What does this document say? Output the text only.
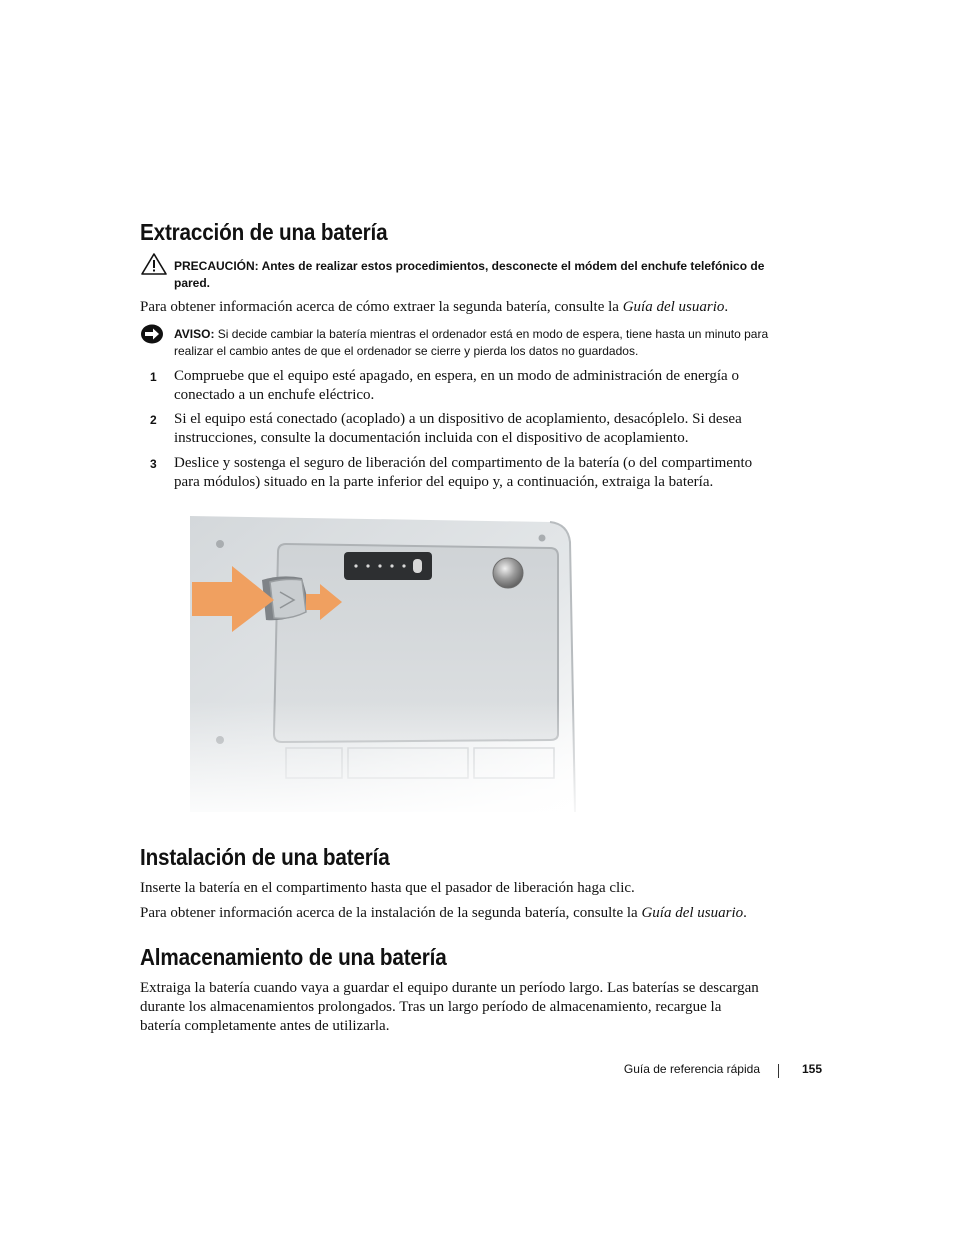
Extracción de una batería

PRECAUCIÓN: Antes de realizar estos procedimientos, desconecte el módem del enchufe telefónico de pared.

Para obtener información acerca de cómo extraer la segunda batería, consulte la Guía del usuario.

AVISO: Si decide cambiar la batería mientras el ordenador está en modo de espera, tiene hasta un minuto para realizar el cambio antes de que el ordenador se cierre y pierda los datos no guardados.

1 Compruebe que el equipo esté apagado, en espera, en un modo de administración de energía o conectado a un enchufe eléctrico.

2 Si el equipo está conectado (acoplado) a un dispositivo de acoplamiento, desacóplelo. Si desea instrucciones, consulte la documentación incluida con el dispositivo de acoplamiento.

3 Deslice y sostenga el seguro de liberación del compartimento de la batería (o del compartimento para módulos) situado en la parte inferior del equipo y, a continuación, extraiga la batería.

Instalación de una batería

Inserte la batería en el compartimento hasta que el pasador de liberación haga clic.

Para obtener información acerca de la instalación de la segunda batería, consulte la Guía del usuario.

Almacenamiento de una batería

Extraiga la batería cuando vaya a guardar el equipo durante un período largo. Las baterías se descargan durante los almacenamientos prolongados. Tras un largo período de almacenamiento, recargue la batería completamente antes de utilizarla.

Guía de referencia rápida	155
